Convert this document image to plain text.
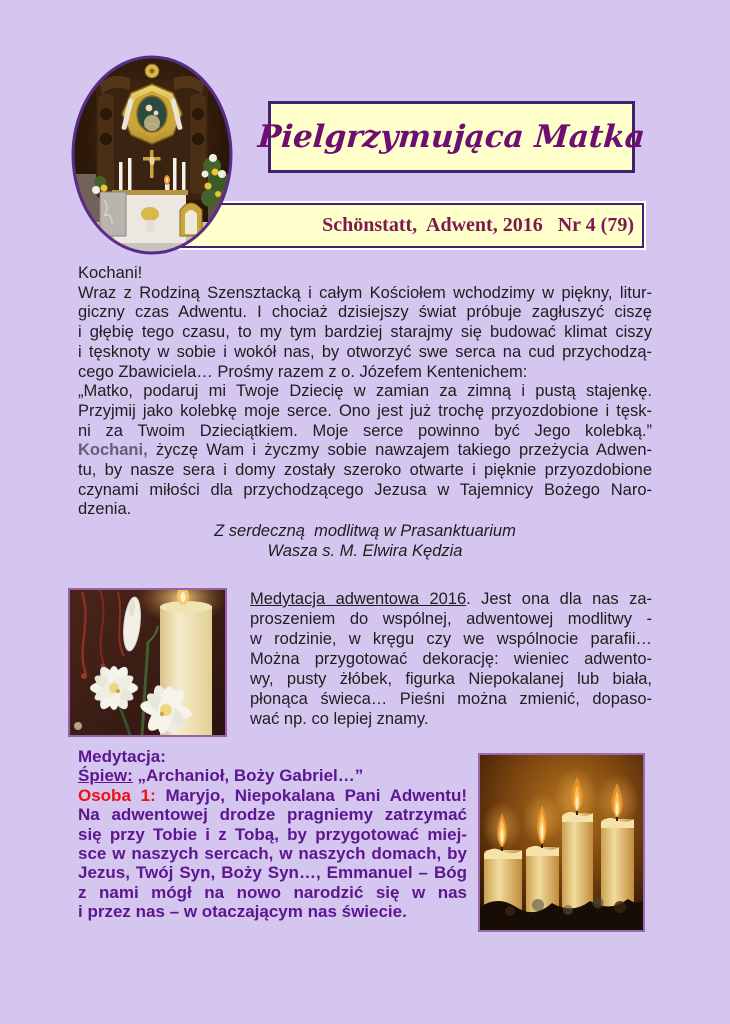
Pielgrzymująca Matka
Schönstatt,  Adwent, 2016   Nr 4 (79)
Kochani!
Wraz z Rodziną Szensztacką i całym Kościołem wchodzimy w piękny, litur-
giczny czas Adwentu. I chociaż dzisiejszy świat próbuje zagłuszyć ciszę
i głębię tego czasu, to my tym bardziej starajmy się budować klimat ciszy
i tęsknoty w sobie i wokół nas, by otworzyć swe serca na cud przychodzą-
cego Zbawiciela… Prośmy razem z o. Józefem Kentenichem:
„Matko, podaruj mi Twoje Dziecię w zamian za zimną i pustą stajenkę.
Przyjmij jako kolebkę moje serce. Ono jest już trochę przyozdobione i tęsk-
ni za Twoim Dzieciątkiem. Moje serce powinno być Jego kolebką.”
Kochani, życzę Wam i życzmy sobie nawzajem takiego przeżycia Adwen-
tu, by nasze sera i domy zostały szeroko otwarte i pięknie przyozdobione
czynami miłości dla przychodzącego Jezusa w Tajemnicy Bożego Naro-
dzenia.
Z serdeczną  modlitwą w Prasanktuarium
Wasza s. M. Elwira Kędzia
Medytacja adwentowa 2016. Jest ona dla nas za-
proszeniem do wspólnej, adwentowej modlitwy -
w rodzinie, w kręgu czy we wspólnocie parafii…
Można przygotować dekorację: wieniec adwento-
wy, pusty żłóbek, figurka Niepokalanej lub biała,
płonąca świeca… Pieśni można zmienić, dopaso-
wać np. co lepiej znamy.
Medytacja:
Śpiew: „Archanioł, Boży Gabriel…”
Osoba 1: Maryjo, Niepokalana Pani Adwentu!
Na adwentowej drodze pragniemy zatrzymać
się przy Tobie i z Tobą, by przygotować miej-
sce w naszych sercach, w naszych domach, by
Jezus, Twój Syn, Boży Syn…, Emmanuel – Bóg
z nami mógł na nowo narodzić się w nas
i przez nas – w otaczającym nas świecie.
